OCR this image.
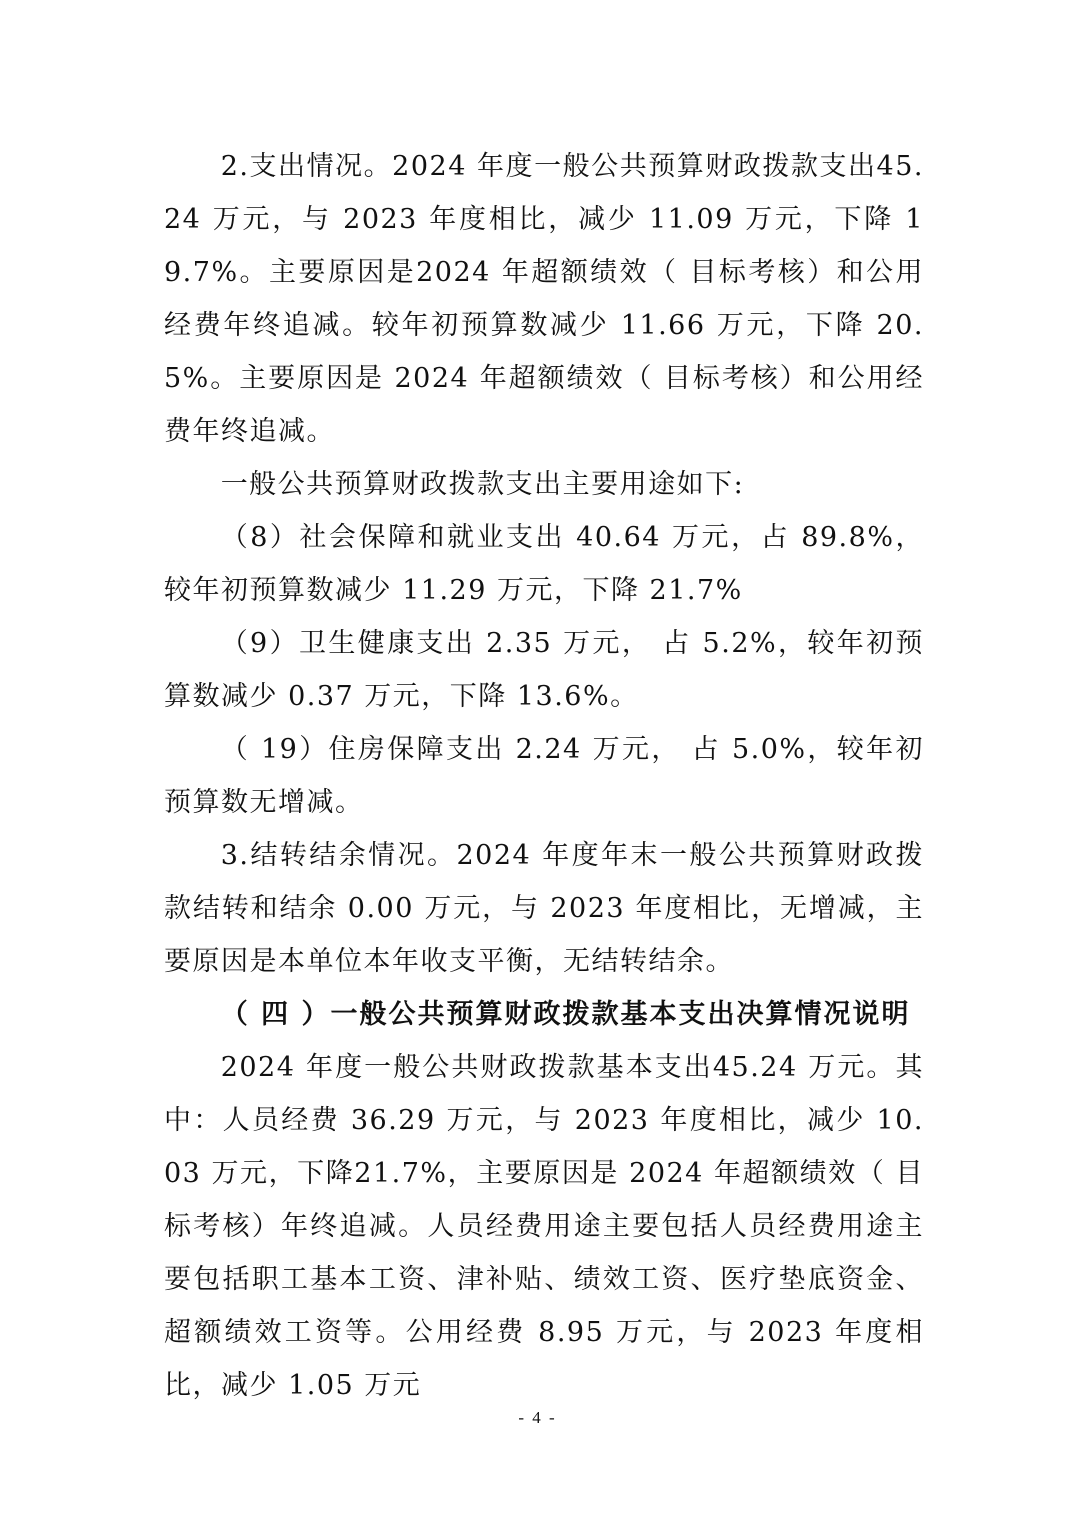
2.支出情况。2024 年度一般公共预算财政拨款支出45.24 万元，与 2023 年度相比，减少 11.09 万元，下降 19.7%。主要原因是2024 年超额绩效（ 目标考核）和公用经费年终追减。较年初预算数减少 11.66 万元，下降 20.5%。主要原因是 2024 年超额绩效（ 目标考核）和公用经费年终追减。

一般公共预算财政拨款支出主要用途如下:

（8）社会保障和就业支出 40.64 万元，占 89.8%，较年初预算数减少 11.29 万元，下降 21.7%

（9）卫生健康支出 2.35 万元， 占 5.2%，较年初预算数减少 0.37 万元，下降 13.6%。

（ 19）住房保障支出 2.24 万元， 占 5.0%，较年初预算数无增减。

3.结转结余情况。2024 年度年末一般公共预算财政拨款结转和结余 0.00 万元，与 2023 年度相比，无增减，主要原因是本单位本年收支平衡，无结转结余。

（ 四 ）一般公共预算财政拨款基本支出决算情况说明

2024 年度一般公共财政拨款基本支出45.24 万元。其中：人员经费 36.29 万元，与 2023 年度相比，减少 10.03 万元，下降21.7%，主要原因是 2024 年超额绩效（ 目标考核）年终追减。人员经费用途主要包括人员经费用途主要包括职工基本工资、津补贴、绩效工资、医疗垫底资金、超额绩效工资等。公用经费 8.95 万元，与 2023 年度相比，减少 1.05 万元

- 4 -
